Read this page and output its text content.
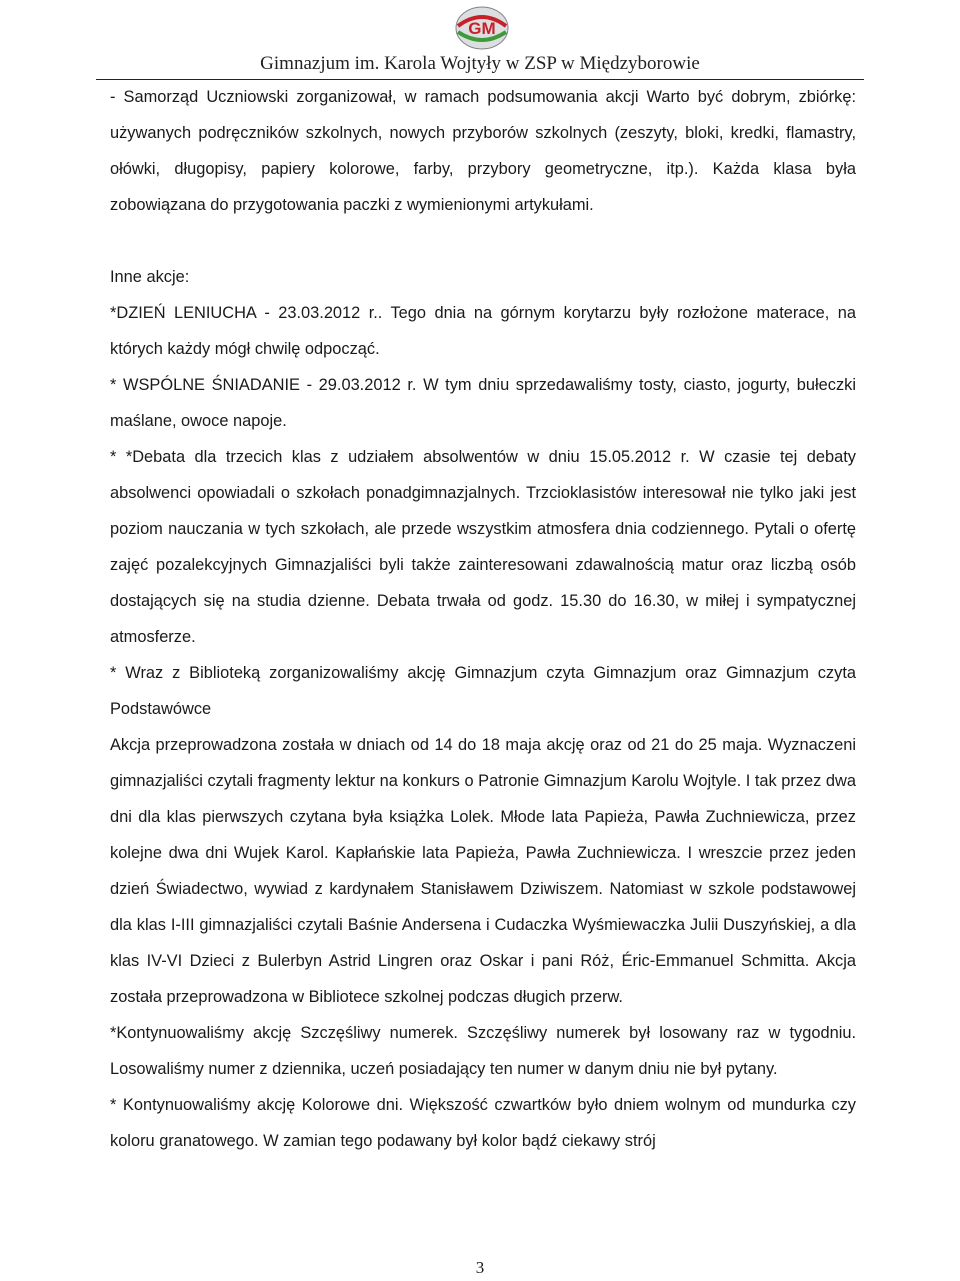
GM
Gimnazjum im. Karola Wojtyły w ZSP w Międzyborowie

- Samorząd Uczniowski zorganizował, w ramach podsumowania akcji Warto być dobrym, zbiórkę: używanych podręczników szkolnych, nowych przyborów szkolnych (zeszyty, bloki, kredki, flamastry, ołówki, długopisy, papiery kolorowe, farby, przybory geometryczne, itp.). Każda klasa była zobowiązana do przygotowania paczki z wymienionymi artykułami.

Inne akcje:

*DZIEŃ LENIUCHA - 23.03.2012 r.. Tego dnia na górnym korytarzu były rozłożone materace, na których każdy mógł chwilę odpocząć.

* WSPÓLNE ŚNIADANIE - 29.03.2012 r. W tym dniu sprzedawaliśmy tosty, ciasto, jogurty, bułeczki maślane, owoce napoje.

* *Debata dla trzecich klas z udziałem absolwentów w dniu 15.05.2012 r. W czasie tej debaty absolwenci opowiadali o szkołach ponadgimnazjalnych. Trzcioklasistów interesował nie tylko jaki jest poziom nauczania w tych szkołach, ale przede wszystkim atmosfera dnia codziennego. Pytali o ofertę zajęć pozalekcyjnych Gimnazjaliści byli także zainteresowani zdawalnością matur oraz liczbą osób dostających się na studia dzienne. Debata trwała od godz. 15.30 do 16.30, w miłej i sympatycznej atmosferze.

* Wraz z Biblioteką zorganizowaliśmy akcję Gimnazjum czyta Gimnazjum oraz Gimnazjum czyta Podstawówce

Akcja przeprowadzona została w dniach od 14 do 18 maja akcję oraz od 21 do 25 maja. Wyznaczeni gimnazjaliści czytali fragmenty lektur na konkurs o Patronie Gimnazjum Karolu Wojtyle. I tak przez dwa dni dla klas pierwszych czytana była książka Lolek. Młode lata Papieża, Pawła Zuchniewicza, przez kolejne dwa dni Wujek Karol. Kapłańskie lata Papieża, Pawła Zuchniewicza. I wreszcie przez jeden dzień Świadectwo, wywiad z kardynałem Stanisławem Dziwiszem. Natomiast w szkole podstawowej dla klas I-III gimnazjaliści czytali Baśnie Andersena i Cudaczka Wyśmiewaczka Julii Duszyńskiej, a dla klas IV-VI Dzieci z Bulerbyn Astrid Lingren oraz Oskar i pani Róż, Éric-Emmanuel Schmitta. Akcja została przeprowadzona w Bibliotece szkolnej podczas długich przerw.

*Kontynuowaliśmy akcję Szczęśliwy numerek. Szczęśliwy numerek był losowany raz w tygodniu. Losowaliśmy numer z dziennika, uczeń posiadający ten numer w danym dniu nie był pytany.

* Kontynuowaliśmy akcję Kolorowe dni. Większość czwartków było dniem wolnym od mundurka czy koloru granatowego. W zamian tego podawany był kolor bądź ciekawy strój

3
